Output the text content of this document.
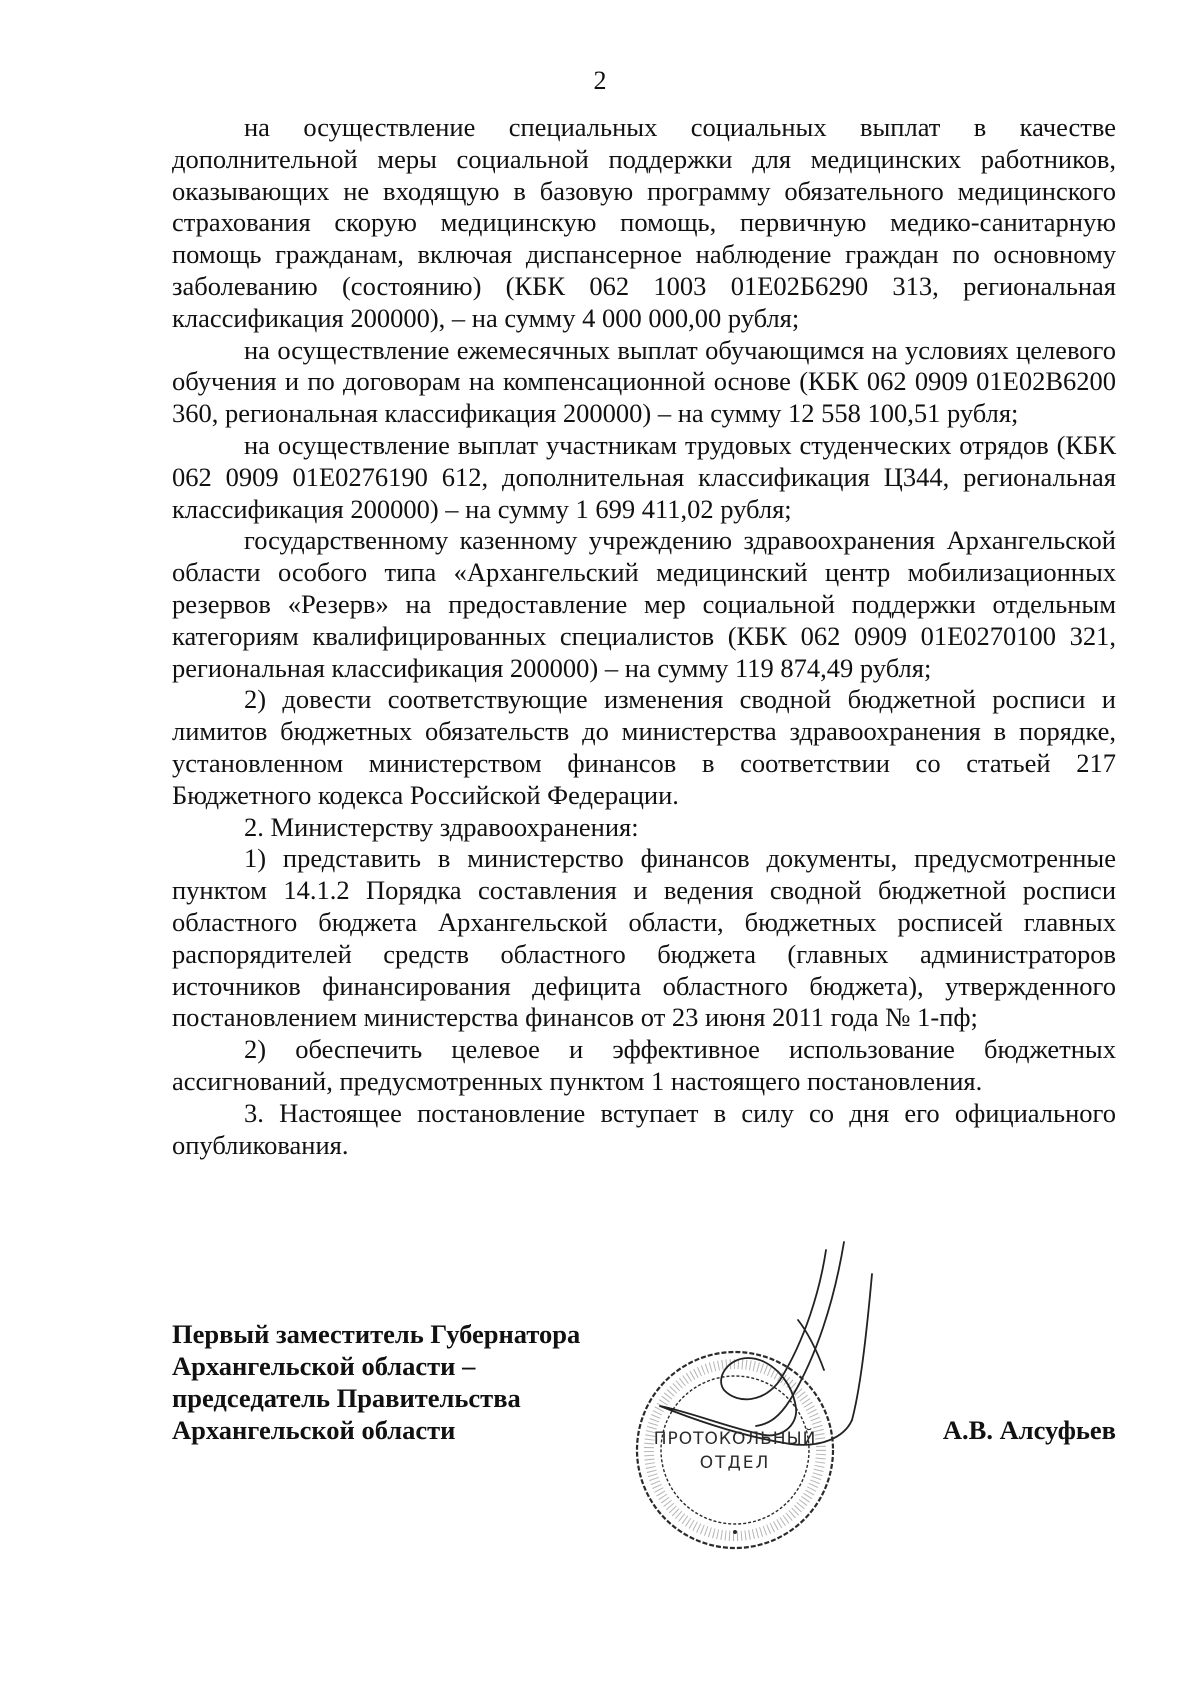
2

на осуществление специальных социальных выплат в качестве дополнительной меры социальной поддержки для медицинских работников, оказывающих не входящую в базовую программу обязательного медицинского страхования скорую медицинскую помощь, первичную медико-санитарную помощь гражданам, включая диспансерное наблюдение граждан по основному заболеванию (состоянию) (КБК 062 1003 01Е02Б6290 313, региональная классификация 200000), – на сумму 4 000 000,00 рубля;

на осуществление ежемесячных выплат обучающимся на условиях целевого обучения и по договорам на компенсационной основе (КБК 062 0909 01Е02В6200 360, региональная классификация 200000) – на сумму 12 558 100,51 рубля;

на осуществление выплат участникам трудовых студенческих отрядов (КБК 062 0909 01Е0276190 612, дополнительная классификация Ц344, региональная классификация 200000) – на сумму 1 699 411,02 рубля;

государственному казенному учреждению здравоохранения Архангельской области особого типа «Архангельский медицинский центр мобилизационных резервов «Резерв» на предоставление мер социальной поддержки отдельным категориям квалифицированных специалистов (КБК 062 0909 01Е0270100 321, региональная классификация 200000) – на сумму 119 874,49 рубля;

2) довести соответствующие изменения сводной бюджетной росписи и лимитов бюджетных обязательств до министерства здравоохранения в порядке, установленном министерством финансов в соответствии со статьей 217 Бюджетного кодекса Российской Федерации.

2. Министерству здравоохранения:

1) представить в министерство финансов документы, предусмотренные пунктом 14.1.2 Порядка составления и ведения сводной бюджетной росписи областного бюджета Архангельской области, бюджетных росписей главных распорядителей средств областного бюджета (главных администраторов источников финансирования дефицита областного бюджета), утвержденного постановлением министерства финансов от 23 июня 2011 года № 1-пф;

2) обеспечить целевое и эффективное использование бюджетных ассигнований, предусмотренных пунктом 1 настоящего постановления.

3. Настоящее постановление вступает в силу со дня его официального опубликования.

Первый заместитель Губернатора
Архангельской области –
председатель Правительства
Архангельской области	А.В. Алсуфьев
ПРОТОКОЛЬНЫЙ
ОТДЕЛ
